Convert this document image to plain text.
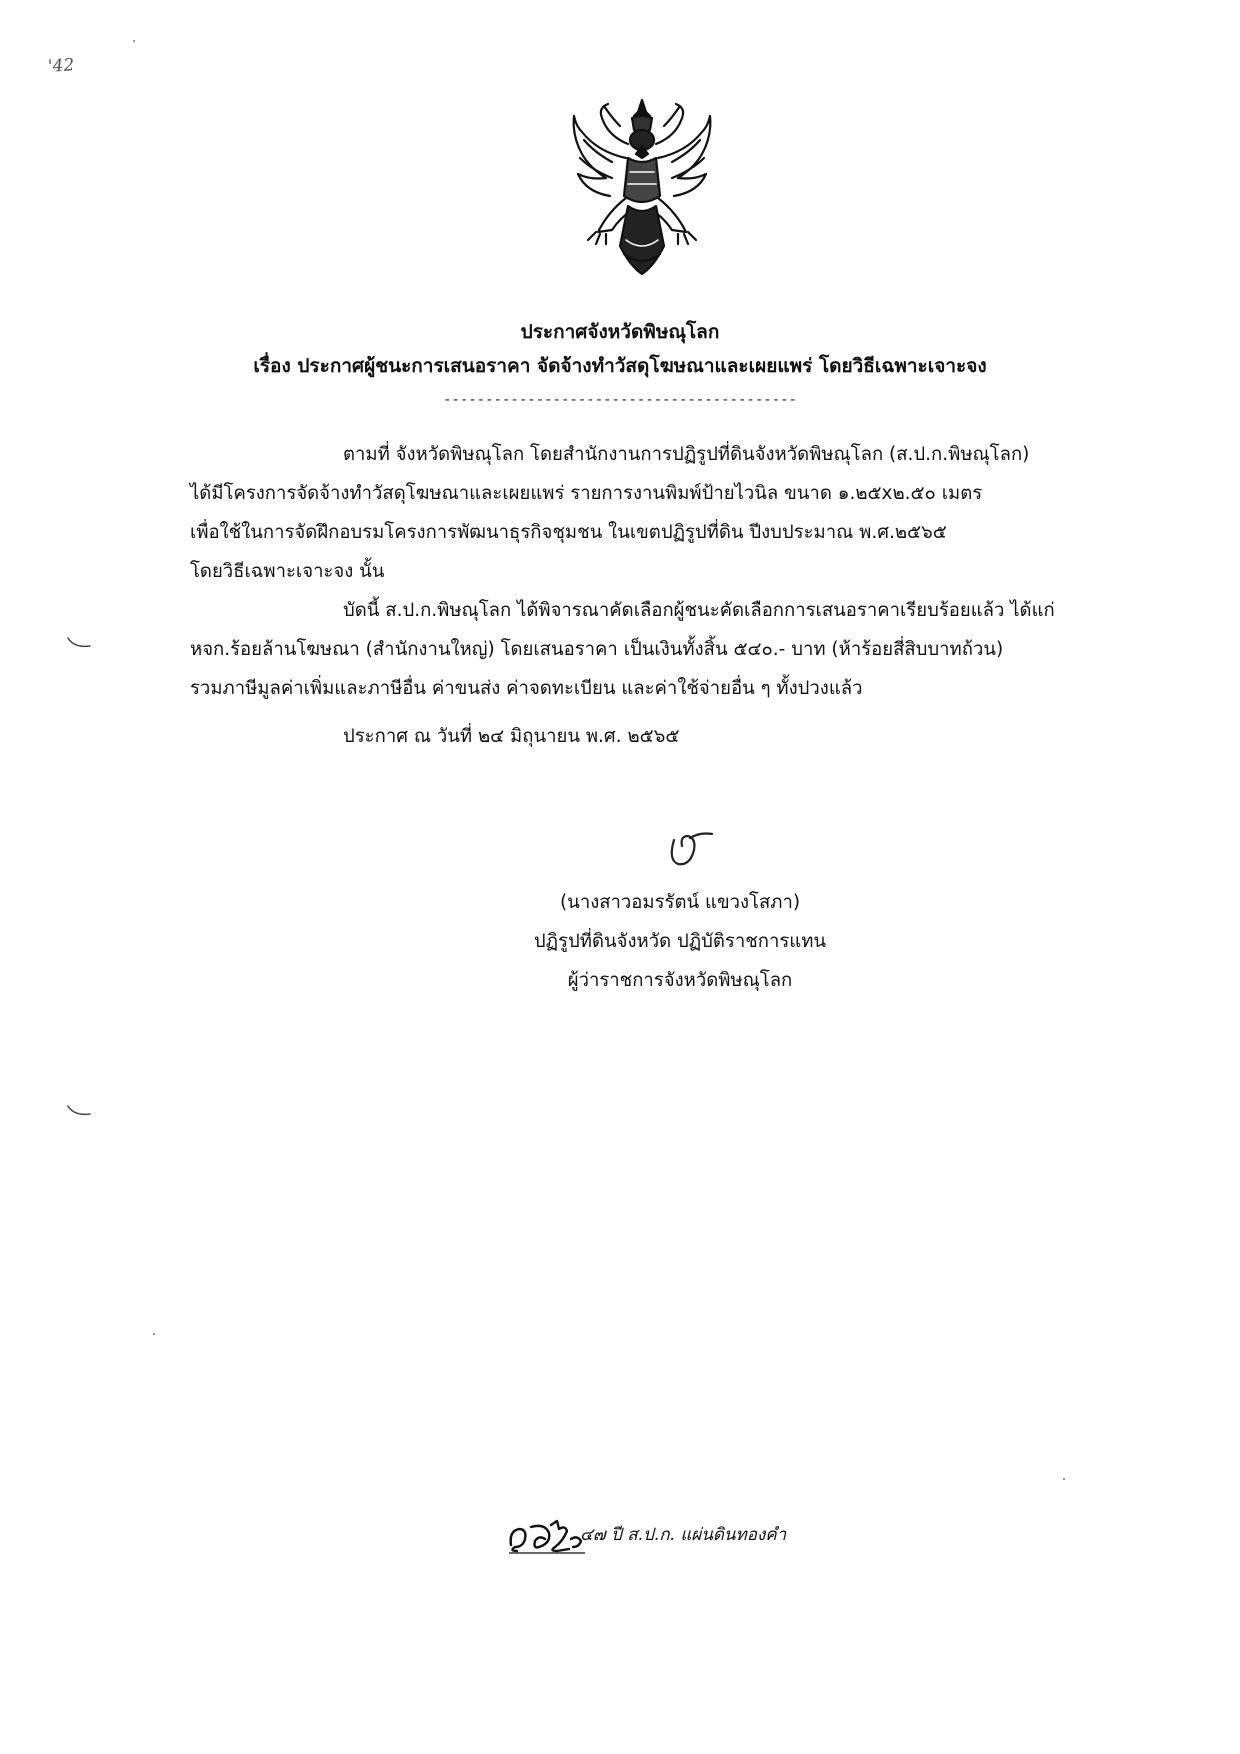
'42
ประกาศจังหวัดพิษณุโลก
เรื่อง ประกาศผู้ชนะการเสนอราคา จัดจ้างทำวัสดุโฆษณาและเผยแพร่ โดยวิธีเฉพาะเจาะจง
------------------------------------------
ตามที่ จังหวัดพิษณุโลก โดยสำนักงานการปฏิรูปที่ดินจังหวัดพิษณุโลก (ส.ป.ก.พิษณุโลก)
ได้มีโครงการจัดจ้างทำวัสดุโฆษณาและเผยแพร่ รายการงานพิมพ์ป้ายไวนิล ขนาด ๑.๒๕x๒.๕๐ เมตร
เพื่อใช้ในการจัดฝึกอบรมโครงการพัฒนาธุรกิจชุมชน ในเขตปฏิรูปที่ดิน ปีงบประมาณ พ.ศ.๒๕๖๕
โดยวิธีเฉพาะเจาะจง นั้น
บัดนี้ ส.ป.ก.พิษณุโลก ได้พิจารณาคัดเลือกผู้ชนะคัดเลือกการเสนอราคาเรียบร้อยแล้ว ได้แก่
หจก.ร้อยล้านโฆษณา (สำนักงานใหญ่) โดยเสนอราคา เป็นเงินทั้งสิ้น ๕๔๐.- บาท (ห้าร้อยสี่สิบบาทถ้วน)
รวมภาษีมูลค่าเพิ่มและภาษีอื่น ค่าขนส่ง ค่าจดทะเบียน และค่าใช้จ่ายอื่น ๆ ทั้งปวงแล้ว
ประกาศ ณ วันที่ ๒๔ มิถุนายน พ.ศ. ๒๕๖๕
(นางสาวอมรรัตน์ แขวงโสภา)
ปฏิรูปที่ดินจังหวัด ปฏิบัติราชการแทน
ผู้ว่าราชการจังหวัดพิษณุโลก
๔๗ ปี ส.ป.ก. แผ่นดินทองคำ
